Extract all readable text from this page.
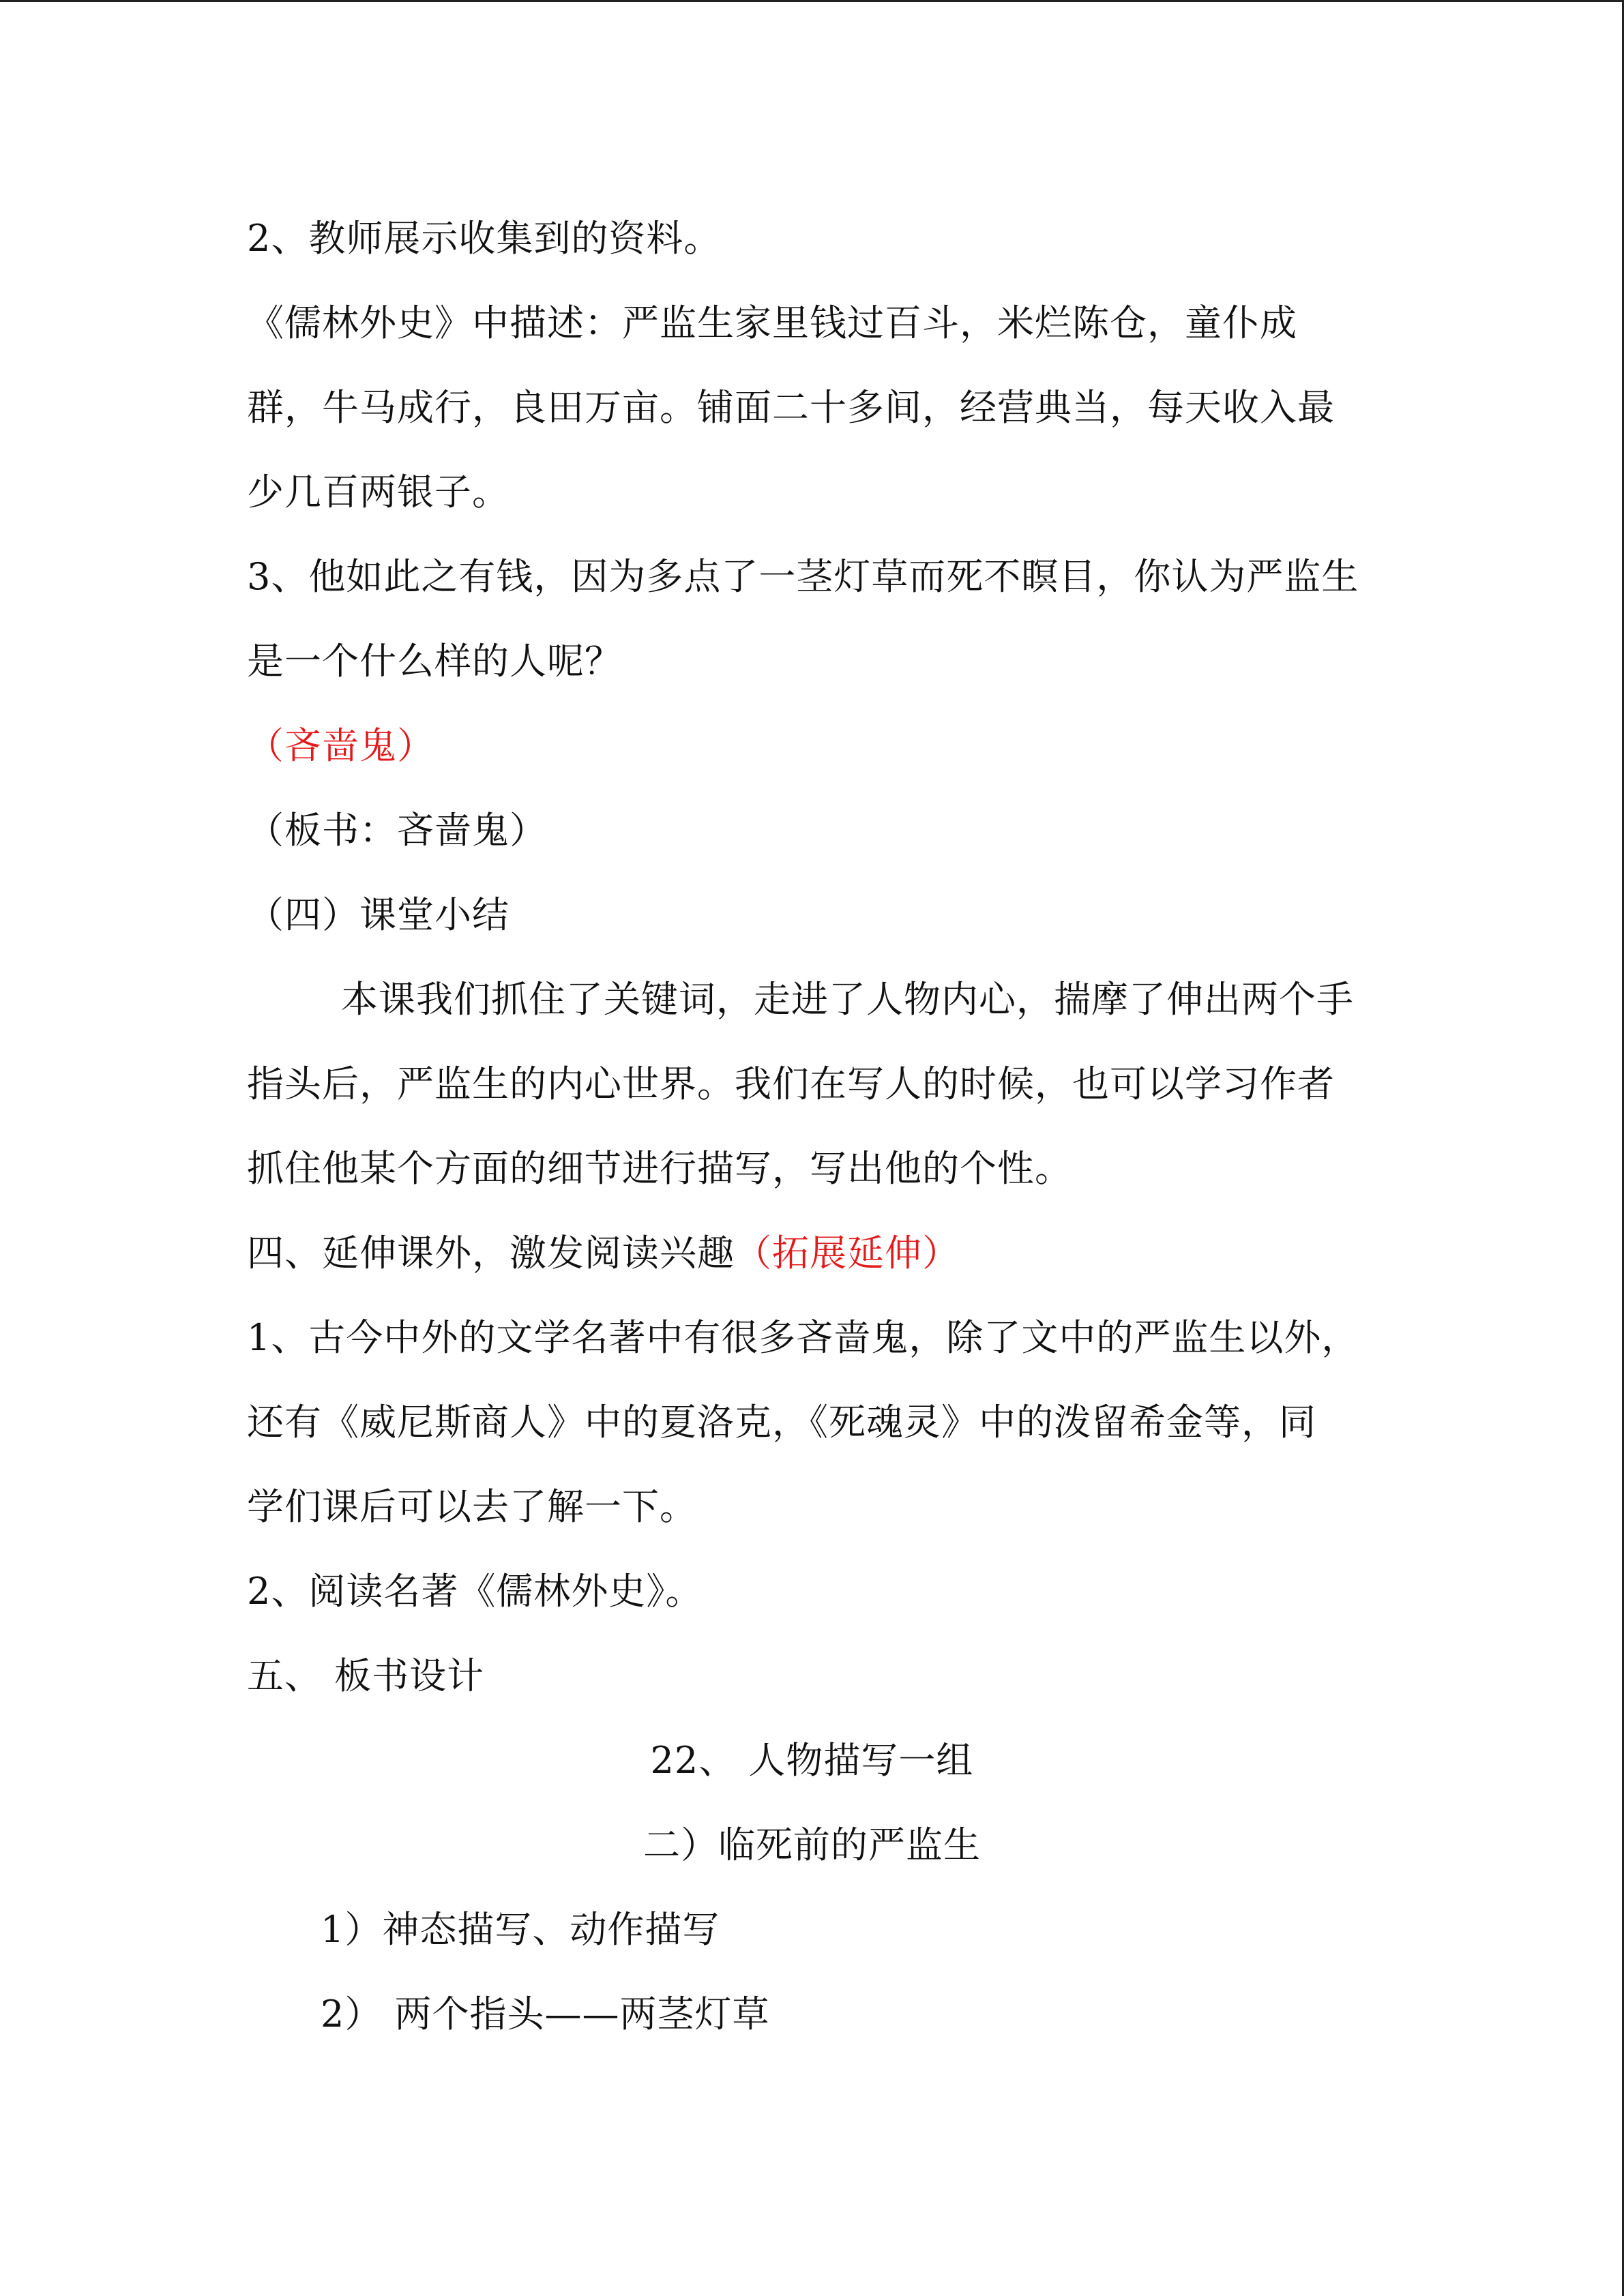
2、教师展示收集到的资料。
《儒林外史》中描述：严监生家里钱过百斗，米烂陈仓，童仆成
群，牛马成行，良田万亩。铺面二十多间，经营典当，每天收入最
少几百两银子。
3、他如此之有钱，因为多点了一茎灯草而死不瞑目，你认为严监生
是一个什么样的人呢？
（吝啬鬼）
（板书：吝啬鬼）
（四）课堂小结
本课我们抓住了关键词，走进了人物内心，揣摩了伸出两个手
指头后，严监生的内心世界。我们在写人的时候，也可以学习作者
抓住他某个方面的细节进行描写，写出他的个性。
四、延伸课外，激发阅读兴趣（拓展延伸）
1、古今中外的文学名著中有很多吝啬鬼，除了文中的严监生以外，
还有《威尼斯商人》中的夏洛克，《死魂灵》中的泼留希金等，同
学们课后可以去了解一下。
2、阅读名著《儒林外史》。
五、 板书设计
22、 人物描写一组
二）临死前的严监生
1）神态描写、动作描写
2） 两个指头——两茎灯草
